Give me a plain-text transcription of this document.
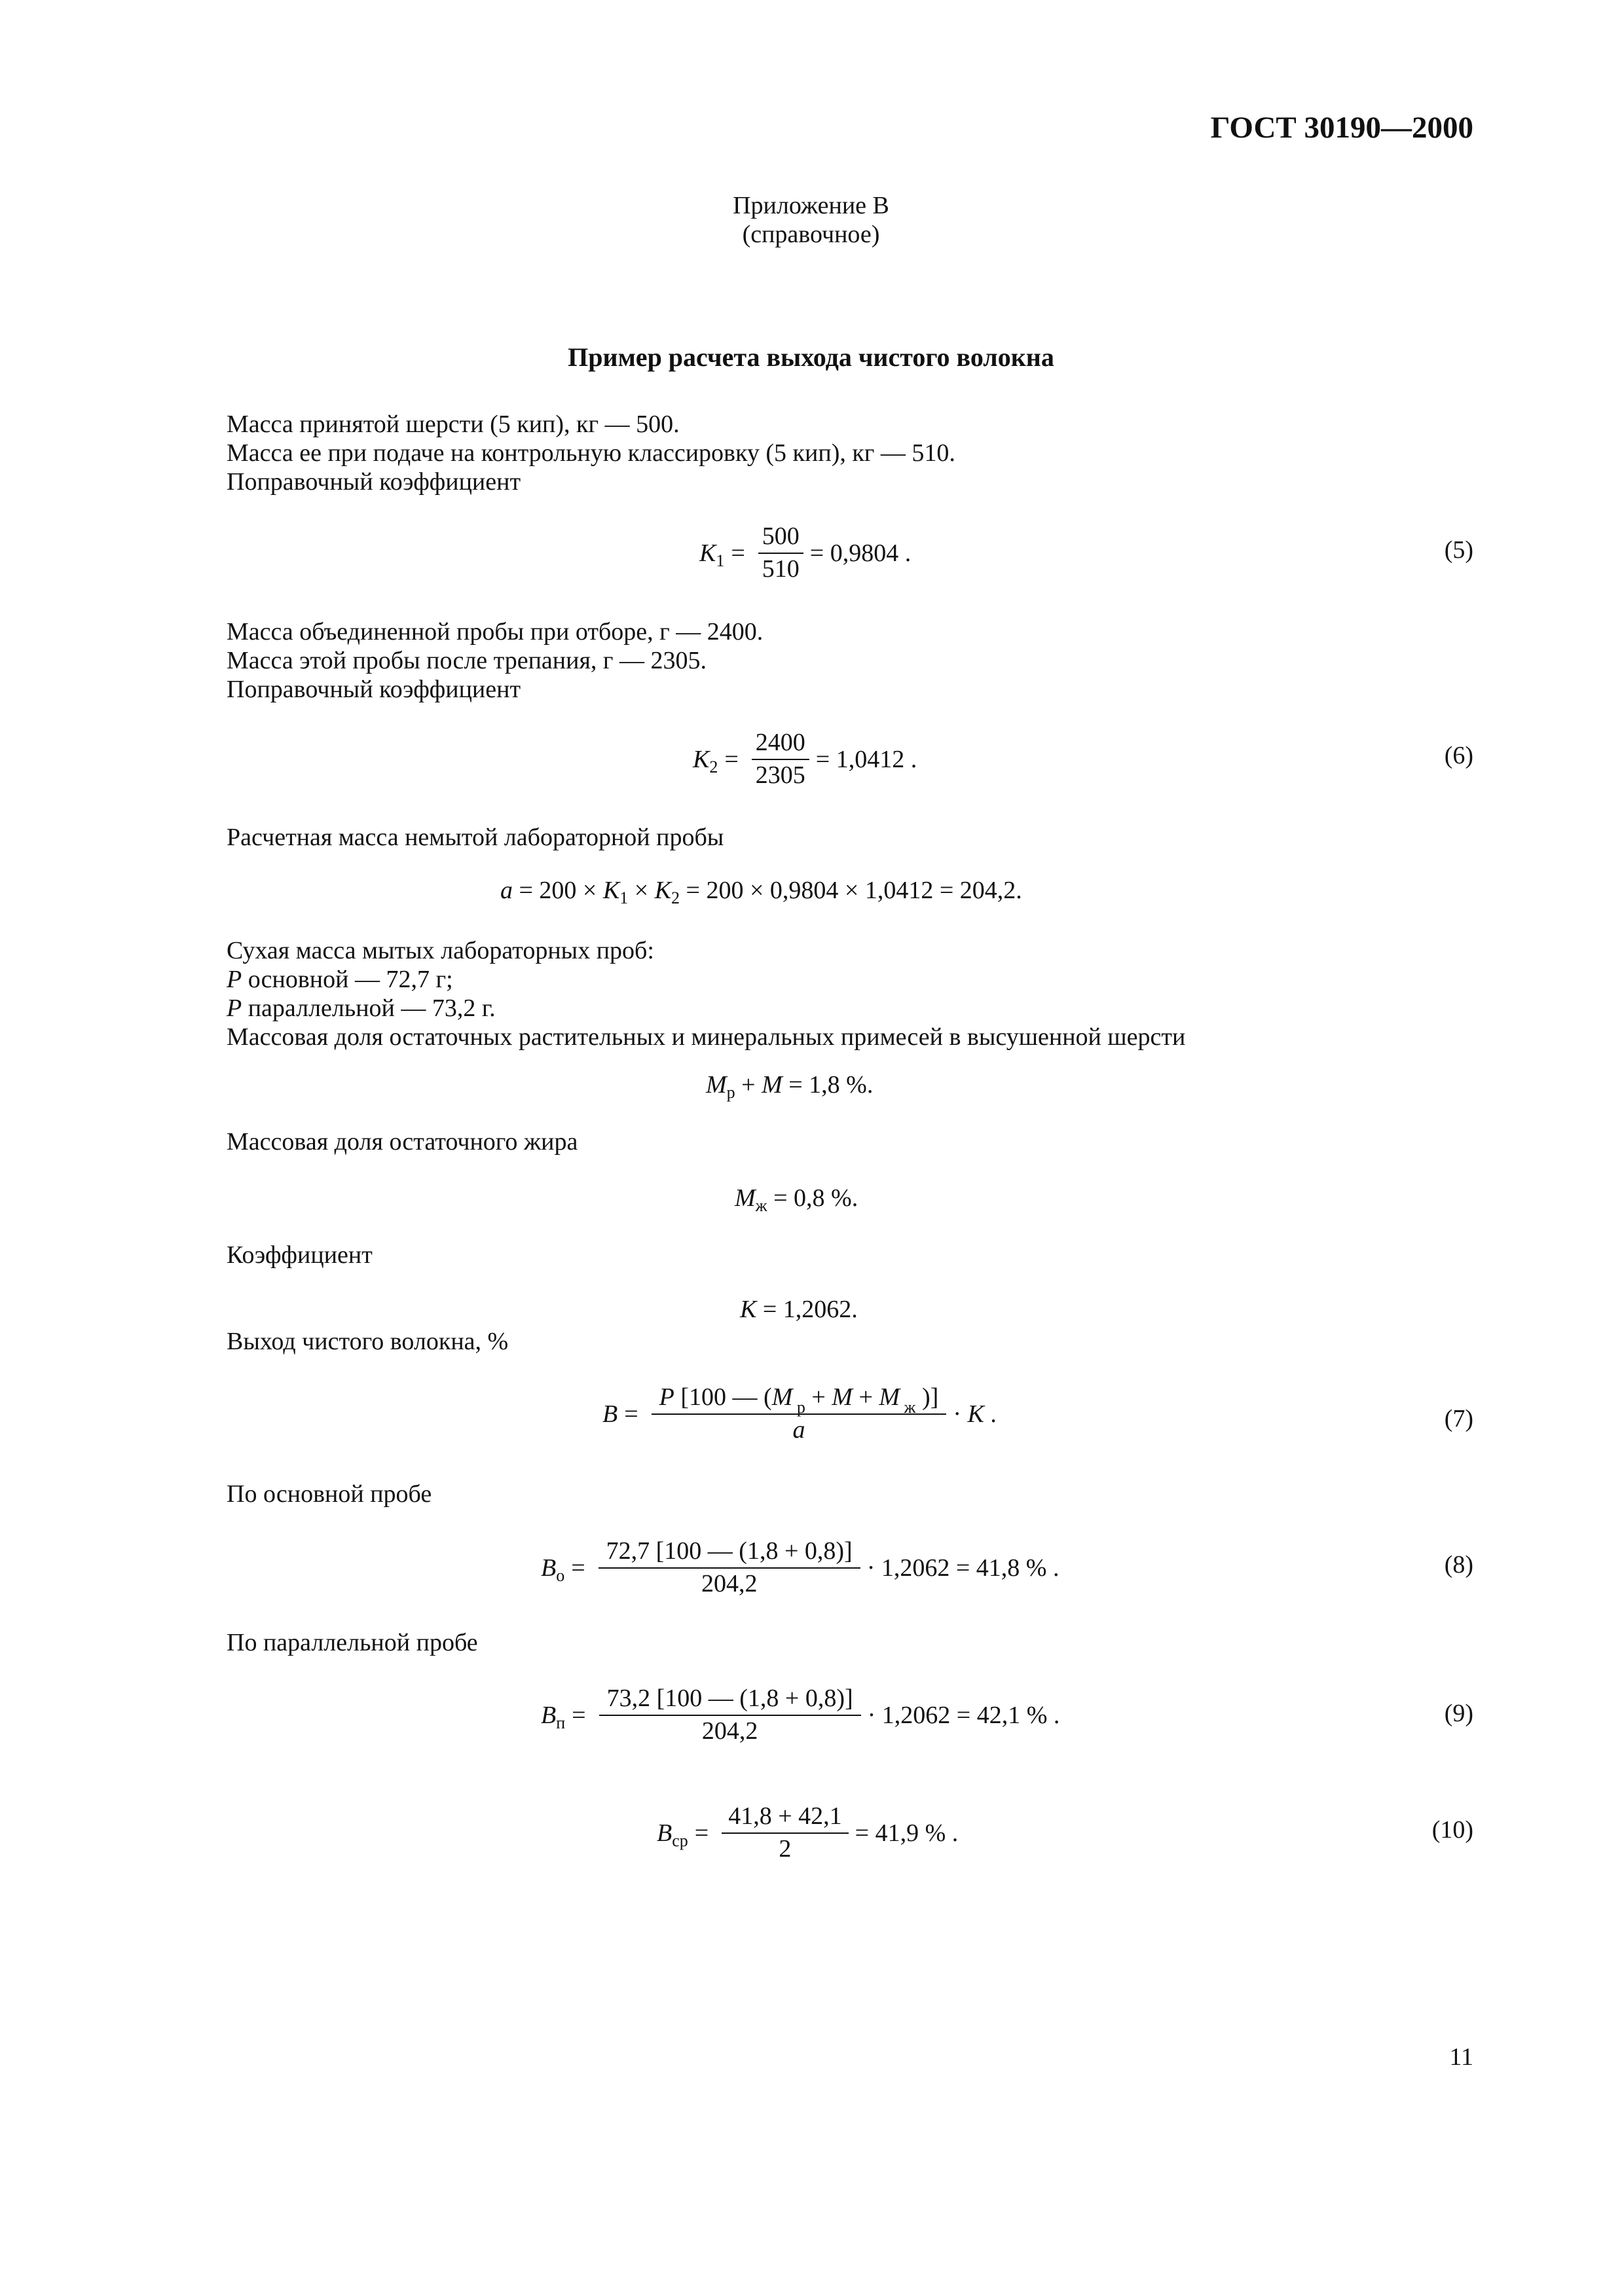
ГОСТ 30190—2000
Приложение В
(справочное)
Пример расчета выхода чистого волокна
Масса принятой шерсти (5 кип), кг — 500.
Масса ее при подаче на контрольную классировку (5 кип), кг — 510.
Поправочный коэффициент
K $1 = \frac{500}{510} = 0,9804$ .	(5)
Масса объединенной пробы при отборе, г — 2400.
Масса этой пробы после трепания, г — 2305.
Поправочный коэффициент
K $2 = \frac{2400}{2305} = 1,0412$ .	(6)
Расчетная масса немытой лабораторной пробы
a = 200 × K 1 × K 2 = 200 × 0,9804 × 1,0412 = 204,2.
Сухая масса мытых лабораторных проб:
Р основной — 72,7 г;
Р параллельной — 73,2 г.
Массовая доля остаточных растительных и минеральных примесей в высушенной шерсти
M р + M = 1,8 %.
Массовая доля остаточного жира
M ж = 0,8 %.
Коэффициент
K = 1,2062.
Выход чистого волокна, %
$B = \frac{P [100 — (M _р + M + M _ж )]}{a} \cdot K$ .	(7)
По основной пробе
B $о = \frac{72,7 [100 — (1,8 + 0,8)]}{204,2} \cdot 1,2062 = 41,8$ % .	(8)
По параллельной пробе
B $п = \frac{73,2 [100 — (1,8 + 0,8)]}{204,2} \cdot 1,2062 = 42,1$ % .	(9)
B ср = $\frac{41,8 + 42,1}{2} = 41,9$ % .	(10)
11
